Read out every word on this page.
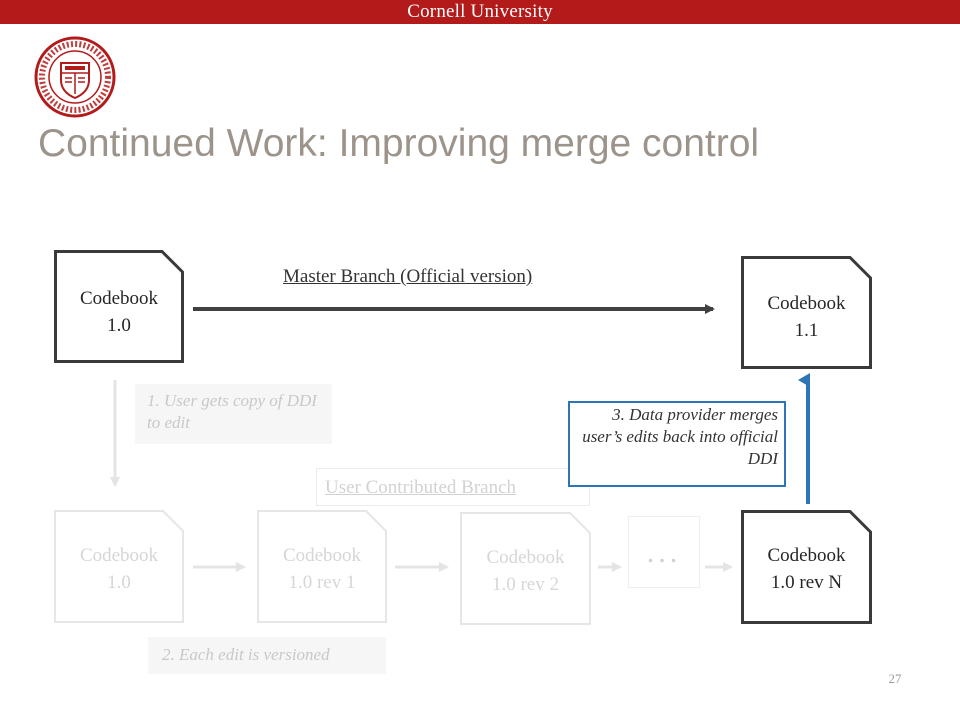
Cornell University
Continued Work: Improving merge control
Codebook
1.0
Codebook
1.1
Codebook
1.0 rev N
Codebook
1.0
Codebook
1.0 rev 1
Codebook
1.0 rev 2
...
Master Branch (Official version)
User Contributed Branch
1. User gets copy of DDI to edit
2. Each edit is versioned
3. Data provider merges user’s edits back into official DDI
27
